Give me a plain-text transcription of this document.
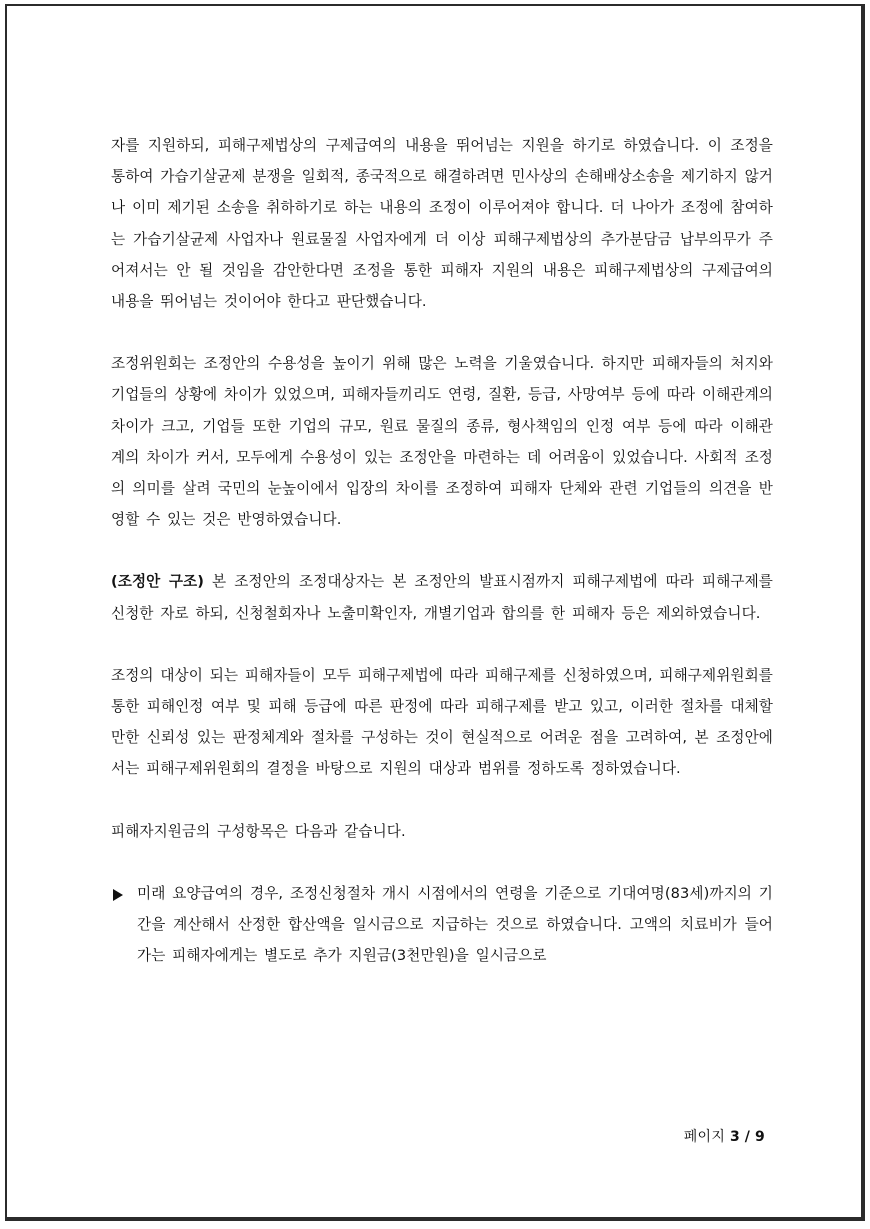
자를 지원하되, 피해구제법상의 구제급여의 내용을 뛰어넘는 지원을 하기로 하였습니다. 이 조정을 통하여 가습기살균제 분쟁을 일회적, 종국적으로 해결하려면 민사상의 손해배상소송을 제기하지 않거나 이미 제기된 소송을 취하하기로 하는 내용의 조정이 이루어져야 합니다. 더 나아가 조정에 참여하는 가습기살균제 사업자나 원료물질 사업자에게 더 이상 피해구제법상의 추가분담금 납부의무가 주어져서는 안 될 것임을 감안한다면 조정을 통한 피해자 지원의 내용은 피해구제법상의 구제급여의 내용을 뛰어넘는 것이어야 한다고 판단했습니다.

조정위원회는 조정안의 수용성을 높이기 위해 많은 노력을 기울였습니다. 하지만 피해자들의 처지와 기업들의 상황에 차이가 있었으며, 피해자들끼리도 연령, 질환, 등급, 사망여부 등에 따라 이해관계의 차이가 크고, 기업들 또한 기업의 규모, 원료 물질의 종류, 형사책임의 인정 여부 등에 따라 이해관계의 차이가 커서, 모두에게 수용성이 있는 조정안을 마련하는 데 어려움이 있었습니다. 사회적 조정의 의미를 살려 국민의 눈높이에서 입장의 차이를 조정하여 피해자 단체와 관련 기업들의 의견을 반영할 수 있는 것은 반영하였습니다.

(조정안 구조) 본 조정안의 조정대상자는 본 조정안의 발표시점까지 피해구제법에 따라 피해구제를 신청한 자로 하되, 신청철회자나 노출미확인자, 개별기업과 합의를 한 피해자 등은 제외하였습니다.

조정의 대상이 되는 피해자들이 모두 피해구제법에 따라 피해구제를 신청하였으며, 피해구제위원회를 통한 피해인정 여부 및 피해 등급에 따른 판정에 따라 피해구제를 받고 있고, 이러한 절차를 대체할만한 신뢰성 있는 판정체계와 절차를 구성하는 것이 현실적으로 어려운 점을 고려하여, 본 조정안에서는 피해구제위원회의 결정을 바탕으로 지원의 대상과 범위를 정하도록 정하였습니다.

피해자지원금의 구성항목은 다음과 같습니다.

미래 요양급여의 경우, 조정신청절차 개시 시점에서의 연령을 기준으로 기대여명(83세)까지의 기간을 계산해서 산정한 합산액을 일시금으로 지급하는 것으로 하였습니다. 고액의 치료비가 들어가는 피해자에게는 별도로 추가 지원금(3천만원)을 일시금으로

페이지 3 / 9
